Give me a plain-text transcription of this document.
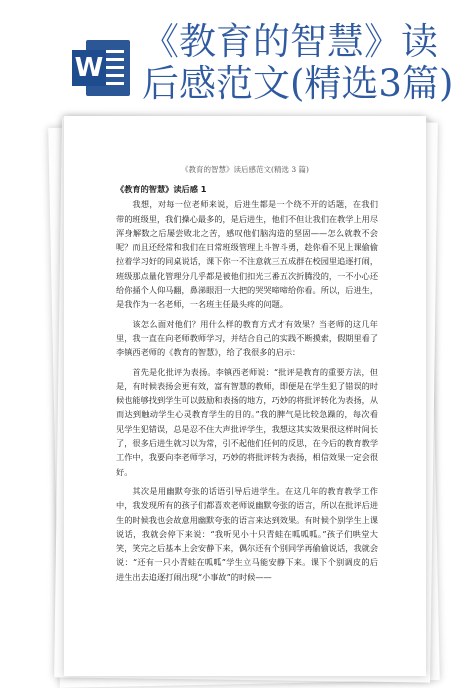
W
《教育的智慧》读
后感范文(精选3篇)
《教育的智慧》读后感范文(精选 3 篇)
《教育的智慧》读后感 1

我想，对每一位老师来说，后进生都是一个绕不开的话题，在我们带的班级里，我们操心最多的，是后进生，他们不但让我们在教学上用尽浑身解数之后屡尝败北之苦，感叹他们脑沟造的坚固——怎么就教不会呢？而且还经常和我们在日常班级管理上斗智斗勇，趁你看不见上课偷偷拉着学习好的同桌说话，课下你一不注意就三五成群在校园里追逐打闹，班级那点量化管理分几乎都是被他们扣光三番五次折腾没的，一不小心还给你捅个人仰马翻，鼻涕眼泪一大把的哭哭啼啼给你看。所以，后进生，是我作为一名老师，一名班主任最头疼的问题。

该怎么面对他们？用什么样的教育方式才有效果？当老师的这几年里，我一直在向老师教师学习，并结合自己的实践不断摸索，假期里看了李镇西老师的《教育的智慧》，给了我很多的启示：

首先是化批评为表扬。李镇西老师说：“批评是教育的重要方法，但是，有时候表扬会更有效，富有智慧的教师，即便是在学生犯了错误的时候也能够找到学生可以鼓励和表扬的地方，巧妙的将批评转化为表扬，从而达到触动学生心灵教育学生的目的。”我的脾气是比较急躁的，每次看见学生犯错误，总是忍不住大声批评学生，我想这其实效果很这样时间长了，很多后进生就习以为常，引不起他们任何的反思，在今后的教育教学工作中，我要向李老师学习，巧妙的将批评转为表扬，相信效果一定会很好。

其次是用幽默夸张的话语引导后进学生。在这几年的教育教学工作中，我发现所有的孩子们都喜欢老师说幽默夸张的语言，所以在批评后进生的时候我也会故意用幽默夸张的语言来达到效果。有时候个别学生上课说话，我就会停下来说：“我听见小十只青蛙在呱呱呱。”孩子们哄堂大笑，笑完之后基本上会安静下来，偶尔还有个别同学再偷偷说话，我就会说：“还有一只小青蛙在呱呱”学生立马能安静下来。课下个别调皮的后进生出去追逐打闹出现“小事故”的时候——
